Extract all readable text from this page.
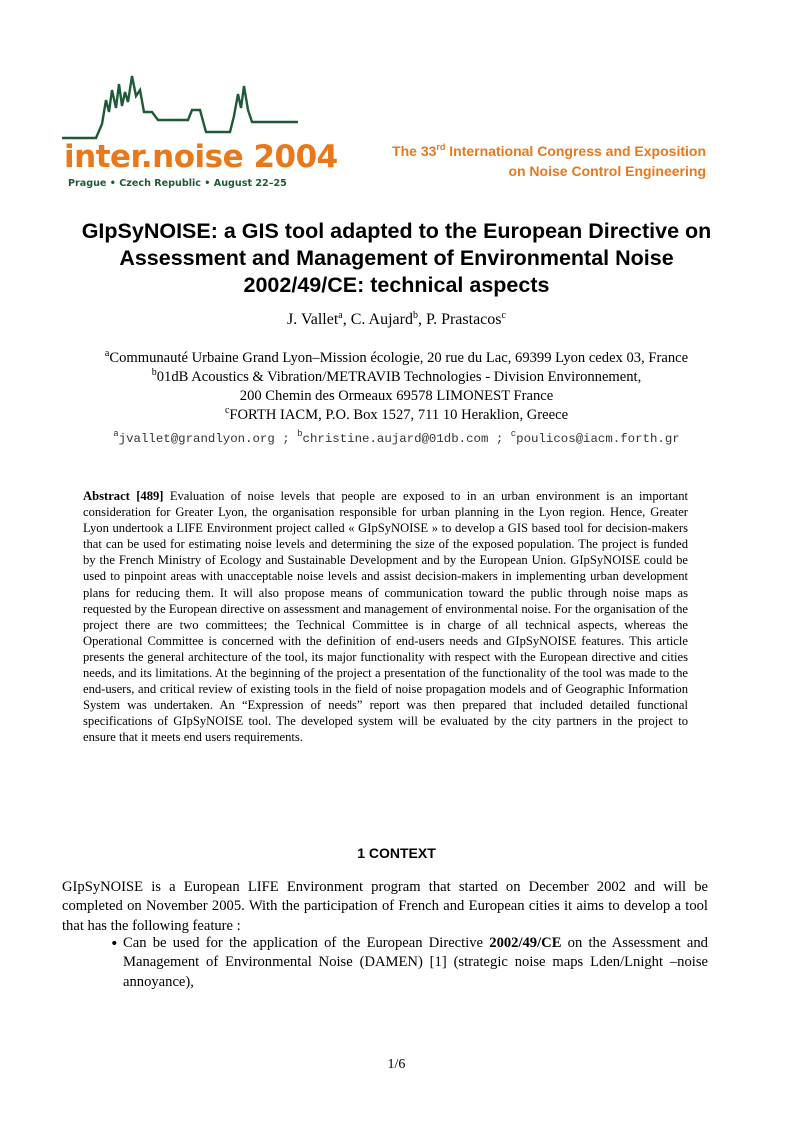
inter.noise 2004
Prague • Czech Republic • August 22–25
The 33rd International Congress and Exposition
on Noise Control Engineering
GIpSyNOISE: a GIS tool adapted to the European Directive on Assessment and Management of Environmental Noise 2002/49/CE: technical aspects
J. Vallet$^a$, C. Aujard$^b$, P. Prastacos$^c$
$^a$Communauté Urbaine Grand Lyon–Mission écologie, 20 rue du Lac, 69399 Lyon cedex 03, France
$^b$01dB Acoustics & Vibration/METRAVIB Technologies - Division Environnement,
200 Chemin des Ormeaux 69578 LIMONEST France
$^c$FORTH IACM, P.O. Box 1527, 711 10 Heraklion, Greece
$^a$jvallet@grandlyon.org ; $^b$christine.aujard@01db.com ; $^c$poulicos@iacm.forth.gr

Abstract [489] Evaluation of noise levels that people are exposed to in an urban environment is an important consideration for Greater Lyon, the organisation responsible for urban planning in the Lyon region. Hence, Greater Lyon undertook a LIFE Environment project called « GIpSyNOISE » to develop a GIS based tool for decision-makers that can be used for estimating noise levels and determining the size of the exposed population. The project is funded by the French Ministry of Ecology and Sustainable Development and by the European Union. GIpSyNOISE could be used to pinpoint areas with unacceptable noise levels and assist decision-makers in implementing urban development plans for reducing them. It will also propose means of communication toward the public through noise maps as requested by the European directive on assessment and management of environmental noise. For the organisation of the project there are two committees; the Technical Committee is in charge of all technical aspects, whereas the Operational Committee is concerned with the definition of end-users needs and GIpSyNOISE features. This article presents the general architecture of the tool, its major functionality with respect with the European directive and cities needs, and its limitations. At the beginning of the project a presentation of the functionality of the tool was made to the end-users, and critical review of existing tools in the field of noise propagation models and of Geographic Information System was undertaken. An “Expression of needs” report was then prepared that included detailed functional specifications of GIpSyNOISE tool. The developed system will be evaluated by the city partners in the project to ensure that it meets end users requirements.

1 CONTEXT

GIpSyNOISE is a European LIFE Environment program that started on December 2002 and will be completed on November 2005. With the participation of French and European cities it aims to develop a tool that has the following feature :

• Can be used for the application of the European Directive 2002/49/CE on the Assessment and Management of Environmental Noise (DAMEN) [1] (strategic noise maps Lden/Lnight –noise annoyance),
1/6
